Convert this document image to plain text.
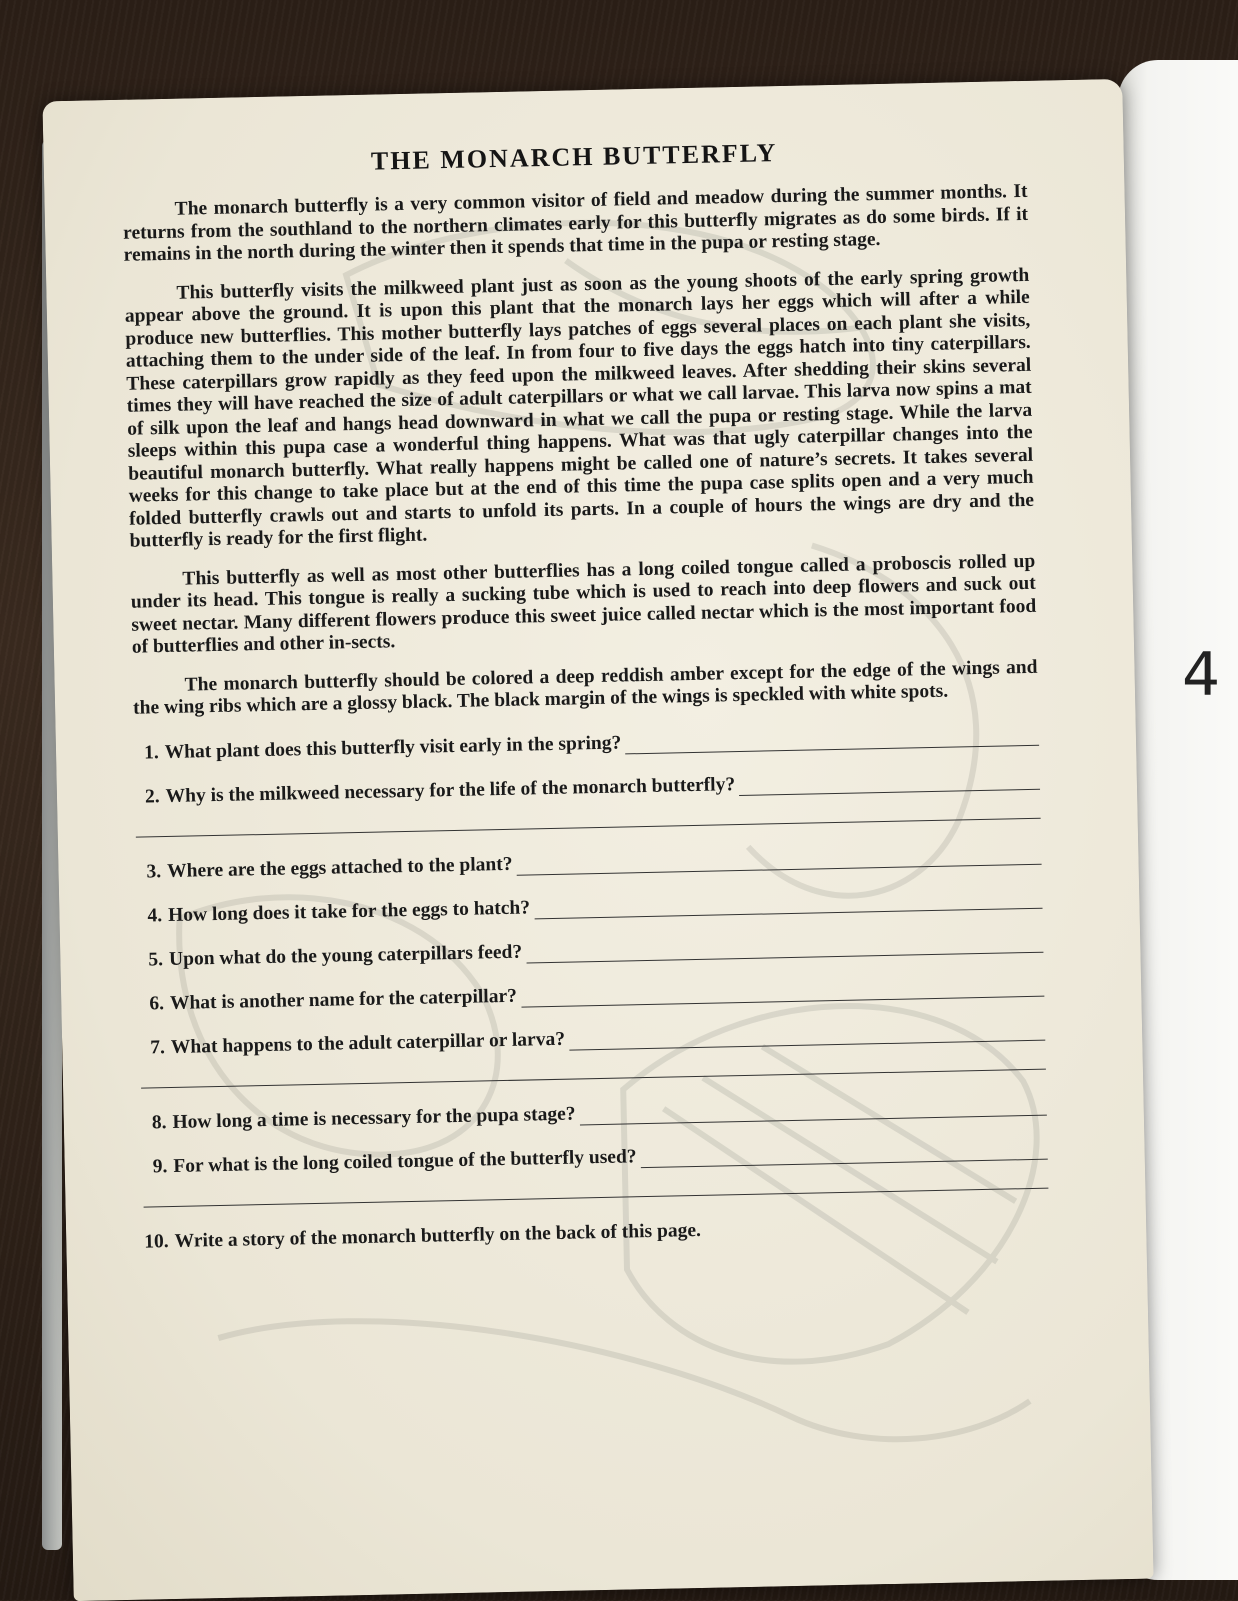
4
THE MONARCH BUTTERFLY

The monarch butterfly is a very common visitor of field and meadow during the summer months. It returns from the southland to the northern climates early for this butterfly migrates as do some birds. If it remains in the north during the winter then it spends that time in the pupa or resting stage.

This butterfly visits the milkweed plant just as soon as the young shoots of the early spring growth appear above the ground. It is upon this plant that the monarch lays her eggs which will after a while produce new butterflies. This mother butterfly lays patches of eggs several places on each plant she visits, attaching them to the under side of the leaf. In from four to five days the eggs hatch into tiny caterpillars. These caterpillars grow rapidly as they feed upon the milkweed leaves. After shedding their skins several times they will have reached the size of adult caterpillars or what we call larvae. This larva now spins a mat of silk upon the leaf and hangs head downward in what we call the pupa or resting stage. While the larva sleeps within this pupa case a wonderful thing happens. What was that ugly caterpillar changes into the beautiful monarch butterfly. What really happens might be called one of nature’s secrets. It takes several weeks for this change to take place but at the end of this time the pupa case splits open and a very much folded butterfly crawls out and starts to unfold its parts. In a couple of hours the wings are dry and the butterfly is ready for the first flight.

This butterfly as well as most other butterflies has a long coiled tongue called a proboscis rolled up under its head. This tongue is really a sucking tube which is used to reach into deep flowers and suck out sweet nectar. Many different flowers produce this sweet juice called nectar which is the most important food of butterflies and other in-sects.

The monarch butterfly should be colored a deep reddish amber except for the edge of the wings and the wing ribs which are a glossy black. The black margin of the wings is speckled with white spots.

1. What plant does this butterfly visit early in the spring?
2. Why is the milkweed necessary for the life of the monarch butterfly?
3. Where are the eggs attached to the plant?
4. How long does it take for the eggs to hatch?
5. Upon what do the young caterpillars feed?
6. What is another name for the caterpillar?
7. What happens to the adult caterpillar or larva?
8. How long a time is necessary for the pupa stage?
9. For what is the long coiled tongue of the butterfly used?
10. Write a story of the monarch butterfly on the back of this page.
